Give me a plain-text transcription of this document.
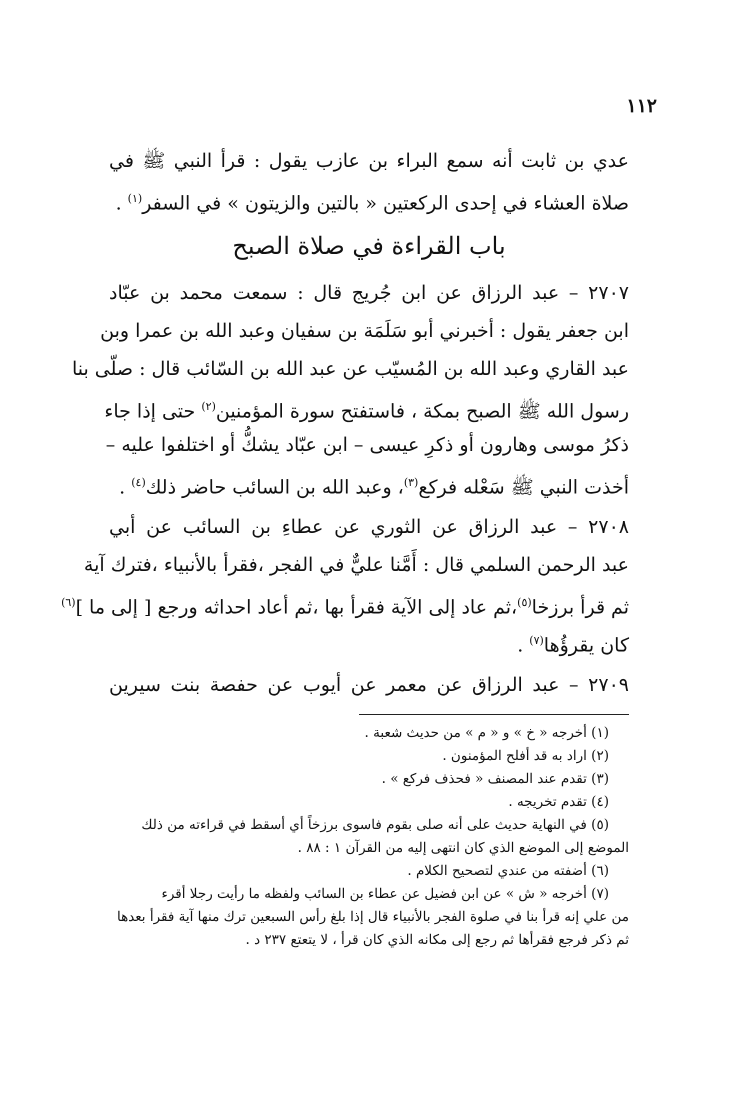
١١٢
عدي بن ثابت أنه سمع البراء بن عازب يقول : قرأ النبي ﷺ في
صلاة العشاء في إحدى الركعتين « بالتين والزيتون » في السفر$^{(١)}$ .
باب القراءة في صلاة الصبح
٢٧٠٧ – عبد الرزاق عن ابن جُريج قال : سمعت محمد بن عبّاد
ابن جعفر يقول : أخبرني أبو سَلَمَة بن سفيان وعبد الله بن عمرا وبن
عبد القاري وعبد الله بن المُسيّب عن عبد الله بن السّائب قال : صلّى بنا
رسول الله ﷺ الصبح بمكة ، فاستفتح سورة المؤمنين$^{(٢)}$ حتى إذا جاء
ذكرُ موسى وهارون أو ذكرِ عيسى – ابن عبّاد يشكُّ أو اختلفوا عليه –
أخذت النبي ﷺ سَعْله فركع$^{(٣)}$، وعبد الله بن السائب حاضر ذلك$^{(٤)}$ .
٢٧٠٨ – عبد الرزاق عن الثوري عن عطاءِ بن السائب عن أبي
عبد الرحمن السلمي قال : أَمَّنا عليٌّ في الفجر ،فقرأ بالأنبياء ،فترك آية
ثم قرأ برزخا$^{(٥)}$،ثم عاد إلى الآية فقرأ بها ،ثم أعاد احداثه ورجع [ إلى ما ]$^{(٦)}$
كان يقرؤُها$^{(٧)}$ .
٢٧٠٩ – عبد الرزاق عن معمر عن أيوب عن حفصة بنت سيرين
(١) أخرجه « خ » و « م » من حديث شعبة .
(٢) اراد به قد أفلح المؤمنون .
(٣) تقدم عند المصنف « فحذف فركع » .
(٤) تقدم تخريجه .
(٥) في النهاية حديث على أنه صلى بقوم فاسوى برزخاً أي أسقط في قراءته من ذلك
الموضع إلى الموضع الذي كان انتهى إليه من القرآن ١ : ٨٨ .
(٦) أضفته من عندي لتصحيح الكلام .
(٧) أخرجه « ش » عن ابن فضيل عن عطاء بن السائب ولفظه ما رأيت رجلا أقرء
من علي إنه قرأ بنا في صلوة الفجر بالأنبياء قال إذا بلغ رأس السبعين ترك منها آية فقرأ بعدها
ثم ذكر فرجع فقرأها ثم رجع إلى مكانه الذي كان قرأ ، لا يتعتع ٢٣٧ د .
